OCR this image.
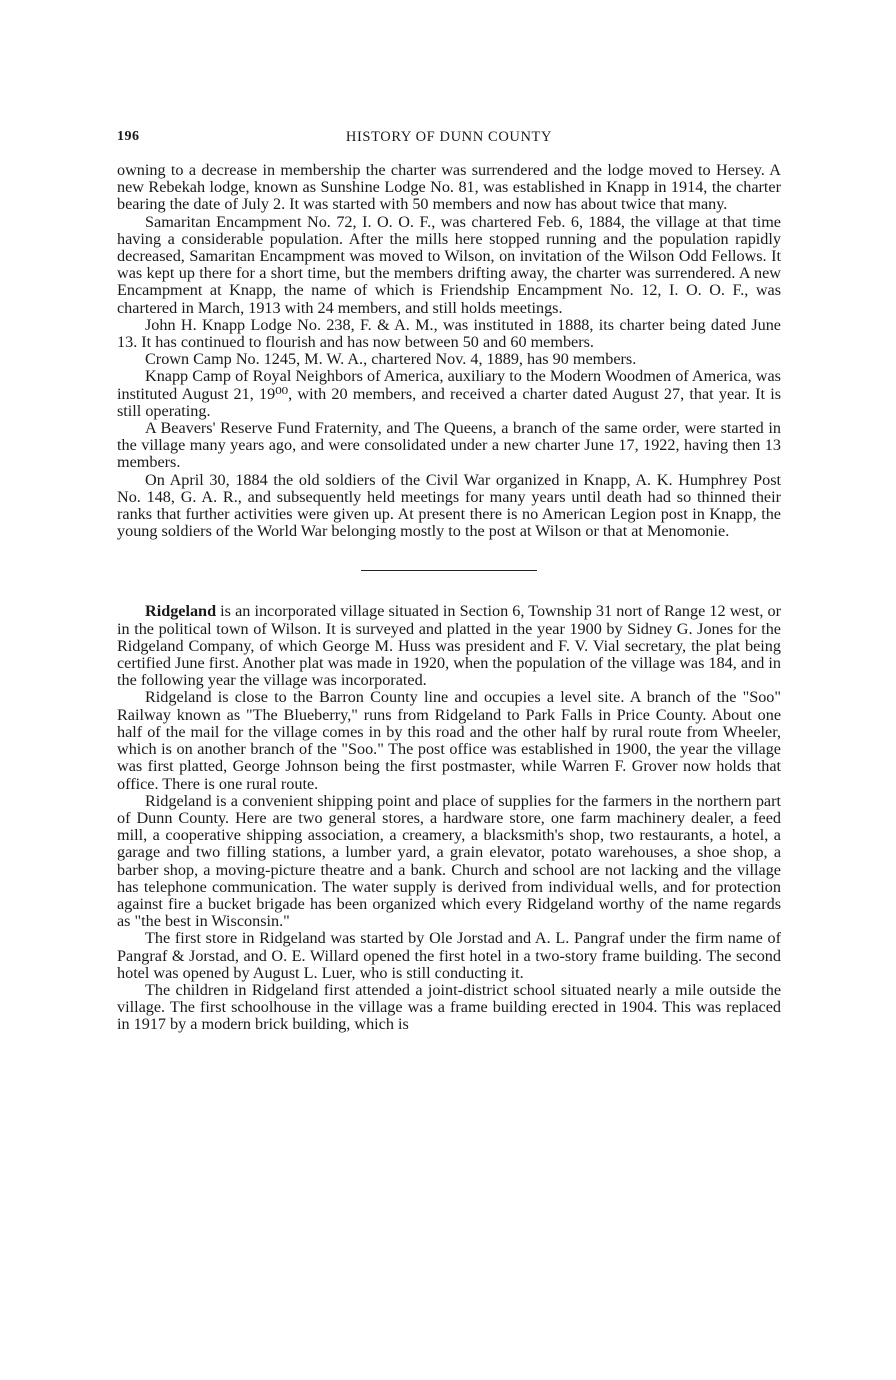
196	HISTORY OF DUNN COUNTY

owning to a decrease in membership the charter was surrendered and the lodge moved to Hersey. A new Rebekah lodge, known as Sunshine Lodge No. 81, was established in Knapp in 1914, the charter bearing the date of July 2. It was started with 50 members and now has about twice that many.

Samaritan Encampment No. 72, I. O. O. F., was chartered Feb. 6, 1884, the village at that time having a considerable population. After the mills here stopped running and the population rapidly decreased, Samaritan Encampment was moved to Wilson, on invitation of the Wilson Odd Fellows. It was kept up there for a short time, but the members drifting away, the charter was surrendered. A new Encampment at Knapp, the name of which is Friendship Encampment No. 12, I. O. O. F., was chartered in March, 1913 with 24 members, and still holds meetings.

John H. Knapp Lodge No. 238, F. & A. M., was instituted in 1888, its charter being dated June 13. It has continued to flourish and has now between 50 and 60 members.

Crown Camp No. 1245, M. W. A., chartered Nov. 4, 1889, has 90 members.

Knapp Camp of Royal Neighbors of America, auxiliary to the Modern Woodmen of America, was instituted August 21, 19⁰⁰, with 20 members, and received a charter dated August 27, that year. It is still operating.

A Beavers' Reserve Fund Fraternity, and The Queens, a branch of the same order, were started in the village many years ago, and were consolidated under a new charter June 17, 1922, having then 13 members.

On April 30, 1884 the old soldiers of the Civil War organized in Knapp, A. K. Humphrey Post No. 148, G. A. R., and subsequently held meetings for many years until death had so thinned their ranks that further activities were given up. At present there is no American Legion post in Knapp, the young soldiers of the World War belonging mostly to the post at Wilson or that at Menomonie.

Ridgeland is an incorporated village situated in Section 6, Township 31 nort of Range 12 west, or in the political town of Wilson. It is surveyed and platted in the year 1900 by Sidney G. Jones for the Ridgeland Company, of which George M. Huss was president and F. V. Vial secretary, the plat being certified June first. Another plat was made in 1920, when the population of the village was 184, and in the following year the village was incorporated.

Ridgeland is close to the Barron County line and occupies a level site. A branch of the "Soo" Railway known as "The Blueberry," runs from Ridgeland to Park Falls in Price County. About one half of the mail for the village comes in by this road and the other half by rural route from Wheeler, which is on another branch of the "Soo." The post office was established in 1900, the year the village was first platted, George Johnson being the first postmaster, while Warren F. Grover now holds that office. There is one rural route.

Ridgeland is a convenient shipping point and place of supplies for the farmers in the northern part of Dunn County. Here are two general stores, a hardware store, one farm machinery dealer, a feed mill, a cooperative shipping association, a creamery, a blacksmith's shop, two restaurants, a hotel, a garage and two filling stations, a lumber yard, a grain elevator, potato warehouses, a shoe shop, a barber shop, a moving-picture theatre and a bank. Church and school are not lacking and the village has telephone communication. The water supply is derived from individual wells, and for protection against fire a bucket brigade has been organized which every Ridgeland worthy of the name regards as "the best in Wisconsin."

The first store in Ridgeland was started by Ole Jorstad and A. L. Pangraf under the firm name of Pangraf & Jorstad, and O. E. Willard opened the first hotel in a two-story frame building. The second hotel was opened by August L. Luer, who is still conducting it.

The children in Ridgeland first attended a joint-district school situated nearly a mile outside the village. The first schoolhouse in the village was a frame building erected in 1904. This was replaced in 1917 by a modern brick building, which is
